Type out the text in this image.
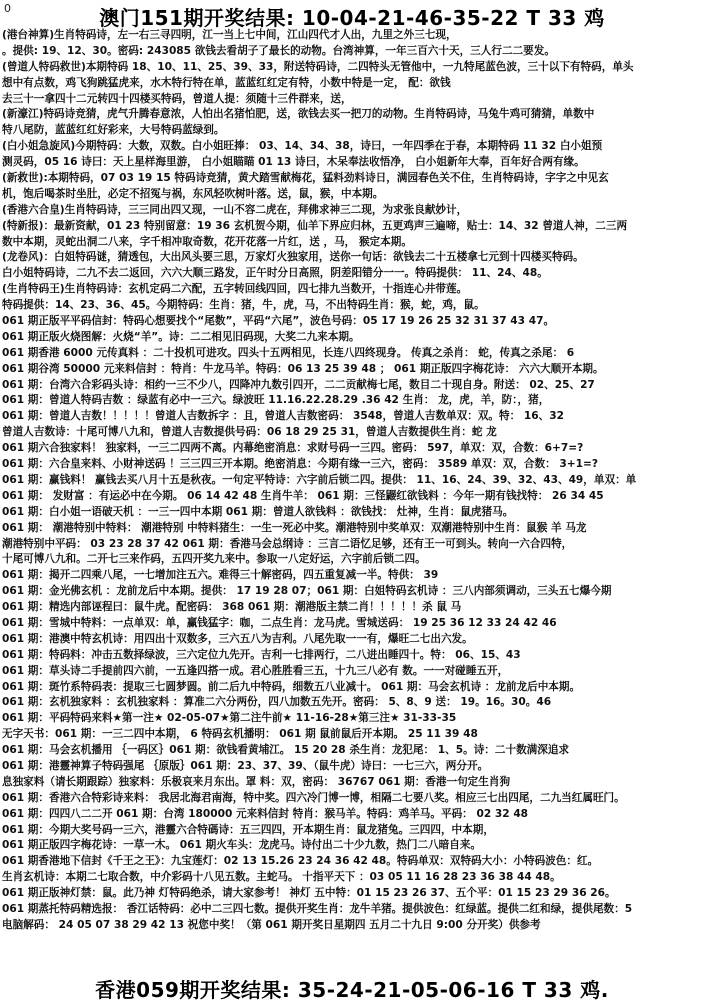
0	澳门151期开奖结果: 10-04-21-46-35-22 T 33 鸡
(港台神算)生肖特码诗，左一右三寻四明，江一当上七中间，江山四代才人出，九里之外三七现，
。提供: 19、12、30。密码: 243085 欲钱去看胡子了最长的动物。台湾神算，一年三百六十天，三人行二二要发。
(曾道人特码救世)本期特码 18、10、11、25、39、33，附送特码诗，二四特头无管他中，一九特尾蓝色波，三十以下有特码，单头
想中有点数，鸡飞狗跳猛虎来，水木特行特在单，蓝蓝红红定有特，小数中特是一定， 配：欲钱
去三十一拿四十二元转四十四楼买特码，曾道人提：须随十三件群来，送，
(新濠江)特码诗竞猜，虎气升腾春意浓，人怕出名猪怕肥，送，欲钱去买一把刀的动物。生肖特码诗，马兔牛鸡可猜猜，单数中
特八尾防，蓝蓝红红好彩来，大号特码蓝绿到。
(白小姐急旋风)今期特码：大数，双数。白小姐旺捧： 03、14、34、38，诗曰，一年四季在于春，本期特码 11 32 白小姐预
测灵码，05 16 诗曰：天上星样海里游， 白小姐瞄瞄 01 13 诗曰，木呆奉法收悟净， 白小姐新年大奉，百年好合两有缘。
(新救世):本期特码，07 03 19 15 特码诗竞猜，黄犬踏雪献梅花，猛料劲料诗日，满园春色关不住，生肖特码诗，字字之中见玄
机，饱后喝茶时坐肚，必定不招冤与祸，东风轻吹树叶落。送，鼠，猴，中本期。
(香港六合皇)生肖特码诗，三三同出四又现，一山不容二虎在，拜佛求神三二现，为求张良献妙计，
(特新报)：最新资献，01 23 特别留意：19 36 玄机贺今期，仙羊下界应归林，五更鸡声三遍啼，贴士：14、32 曾道人神，二三两
数中本期，灵蛇出洞二八来，字千相冲取奇数，花开花落一片红，送 ，马， 猴定本期。
(龙卷风)：白姐特码谜，猜透包，大出风头要三思，万家灯火独家用，送你一句话：欲钱去二十五楼拿七元到十四楼买特码。
白小姐特码诗，二九不去二返回，六六大顺三路发，正午时分日高照，阴差阳错分一一。特码提供： 11、24、48。
(生肖特码王)生肖特码诗：玄机定码二六配，五字转回线四回，四七排九当数开，十指连心井带莲。
特码提供：14、23、36、45。今期特码：生肖：猪，牛，虎，马，不出特码生肖：猴，蛇，鸡，鼠。
061 期正版平平码信封：特码心想要找个“尾数”，平码“六尾”，波色号码：05 17 19 26 25 32 31 37 43 47。
061 期正版火烧图解：火烧“羊”。诗：二二相见旧码现，大奖二九来本期。
061 期香港 6000 元传真料 ：二十投机可进攻。四头十五两相见，长连八四终现身。 传真之杀肖： 蛇，传真之杀尾： 6
061 期谷湾 50000 元来料信封 ：特肖：牛龙马羊。特码：06 13 25 39 48 ； 061 期正版四字梅花诗： 六六大顺开本期。
061 期：台湾六合彩码头诗：相约一三不少八，四降冲九数引四开，二二贡献梅七尾，数目二十现自身。附送： 02、25、27
061 期：曾道人特码吉数 ：绿蓝有必中一三六。绿波旺 11.16.22.28.29 .36 42 生肖： 龙，虎，羊，防：，猪，
061 期：曾道人吉数！！！！！曾道人吉数拆字 ：且，曾道人吉数密码： 3548，曾道人吉数单双：双。特： 16、32
曾道人吉数诗：十尾可博八九和，曾道人吉数提供号码：06 18 29 25 31，曾道人吉数提供生肖：蛇 龙
061 期六合独家料！ 独家料，一三二四两不离。内幕绝密消息：求财号码一三四。密码： 597，单双：双，合数：6+7=?
061 期：六合皇来料、小财神送码 ！三三四三开本期。绝密消息：今期有缘一三六，密码： 3589 单双：双，合数： 3+1=?
061 期：赢钱料！ 赢钱去买八月十五是秋夜。一句定平特诗：六字前后锁二四。提供： 11、16、24、39、32、43、49，单双：单
061 期： 发财富 ：有运必中在今期。 06 14 42 48 生肖牛羊： 061 期：三怪鼹红欲钱料 ：今年一期有钱找特： 26 34 45
061 期：白小姐一语破天机 ：一三一四中本期 061 期：曾道人欲钱料 ：欲钱找： 灶神，生肖：鼠虎猪马。
061 期： 潮港特别中特料： 潮港特别 中特料猪生：一生一死必中奖。潮港特别中奖单双：双潮港特别中生肖：鼠猴 羊 马龙
潮港特别中平码： 03 23 28 37 42 061 期：香港马会总纲诗 ：三言二语忆足够，还有王一可到头。转向一六合四特，
十尾可博八九和。二开七三来作码，五四开奖九来中。参取一八定好运，六字前后锁二四。
061 期：揭开二四乘八尾，一七增加注五六。难得三十解密码，四五重复减一半。特供： 39
061 期：金光佛玄机 ：龙前龙后中本期。提供： 17 19 28 07；061 期：白姐特码玄机诗 ：三八内部须调动，三头五七爆今期
061 期：精选内部诬程曰：鼠牛虎。配密码： 368 061 期：潮港版主禁二肖！！！！！杀 鼠 马
061 期：雪城中特料：一点单双：单，赢钱猛字：咖，二点生肖：龙马虎。雪城送码： 19 25 36 12 33 24 42 46
061 期：港澳中特玄机诗：用四出十双数多，三六五八为吉利。八尾先取一一有，爆旺二七出六发。
061 期：特码料：冲击五数择绿波，三六定位九先开。吉利一七排两行，二八进出睡四十。特： 06、15、43
061 期：草头诗二手提前四六前，一五逢四搭一成。君心胜胜看三五，十九三八必有 数。一一对碰睡五开，
061 期：斑竹系特码表：提取三七圆梦圆。前二后九中特码，细数五八业减十。 061 期：马会玄机诗 ：龙前龙后中本期。
061 期：玄机独家料 ：玄机独家料 ：算准二六分两份，四八加数五先开。密码： 5、8、9 送： 19。16。30。46
061 期：平码特码来料★第一注★ 02-05-07★第二注牛前★ 11-16-28★第三注★ 31-33-35
无字天书：061 期：一三二四中本期， 6 特码玄机播明： 061 期 鼠前鼠后开本期。 25 11 39 48
061 期：马会玄机播用 ｛一码区｝061 期：欲钱看黄埔江。 15 20 28 杀生肖：龙犯尾： 1、5。诗：二十数满深追求
061 期：港靈神算子特码强尾 ｛原版｝061 期：23、37、39、（鼠牛虎）诗曰：一七三六，两分开。
息独家料（请长期跟踪）独家料：乐极哀来月东出。罩 料：双，密码： 36767 061 期：香港一句定生肖狗
061 期：香港六合特彩诗来料： 我居北海君南海，特中奖。四六冷门博一博，相隔二七要八奖。相应三七出四尾，二九当红属旺门。
061 期：四四八二二开 061 期：台湾 180000 元来料信封 特肖：猴马羊。特码：鸡羊马。平码： 02 32 48
061 期：今期大奖号码一三六，港靈六合特碼诗：五三四四，开本期生肖：鼠龙猪兔。三四四，中本期，
061 期正版四字梅花诗：一草一木。 061 期火车头：龙虎马。诗付出二十少九数，热门二八暗自来。
061 期香港地下信封《千王之王》：九宝莲灯：02 13 15.26 23 24 36 42 48。特码单双：双特码大小：小特码波色：红。
生肖玄机诗：本期二七取合数，中介彩码十八见五数。主蛇马。 十指平天下 ：03 05 11 16 28 23 36 38 44 48。
061 期正版神灯禁：鼠。此乃神 灯特码绝杀，请大家参考！ 神灯 五中特：01 15 23 26 37、五个平：01 15 23 29 36 26。
061 期蒸托特码精选报： 香江话特码：必中二三四七数。提供开奖生肖：龙牛羊猪。提供波色：红绿蓝。提供二红和绿，提供尾数：5
电脑解码： 24 05 07 38 29 42 13 祝您中奖！（第 061 期开奖日星期四 五月二十九日 9:00 分开奖）供参考
香港059期开奖结果: 35-24-21-05-06-16 T 33 鸡.
